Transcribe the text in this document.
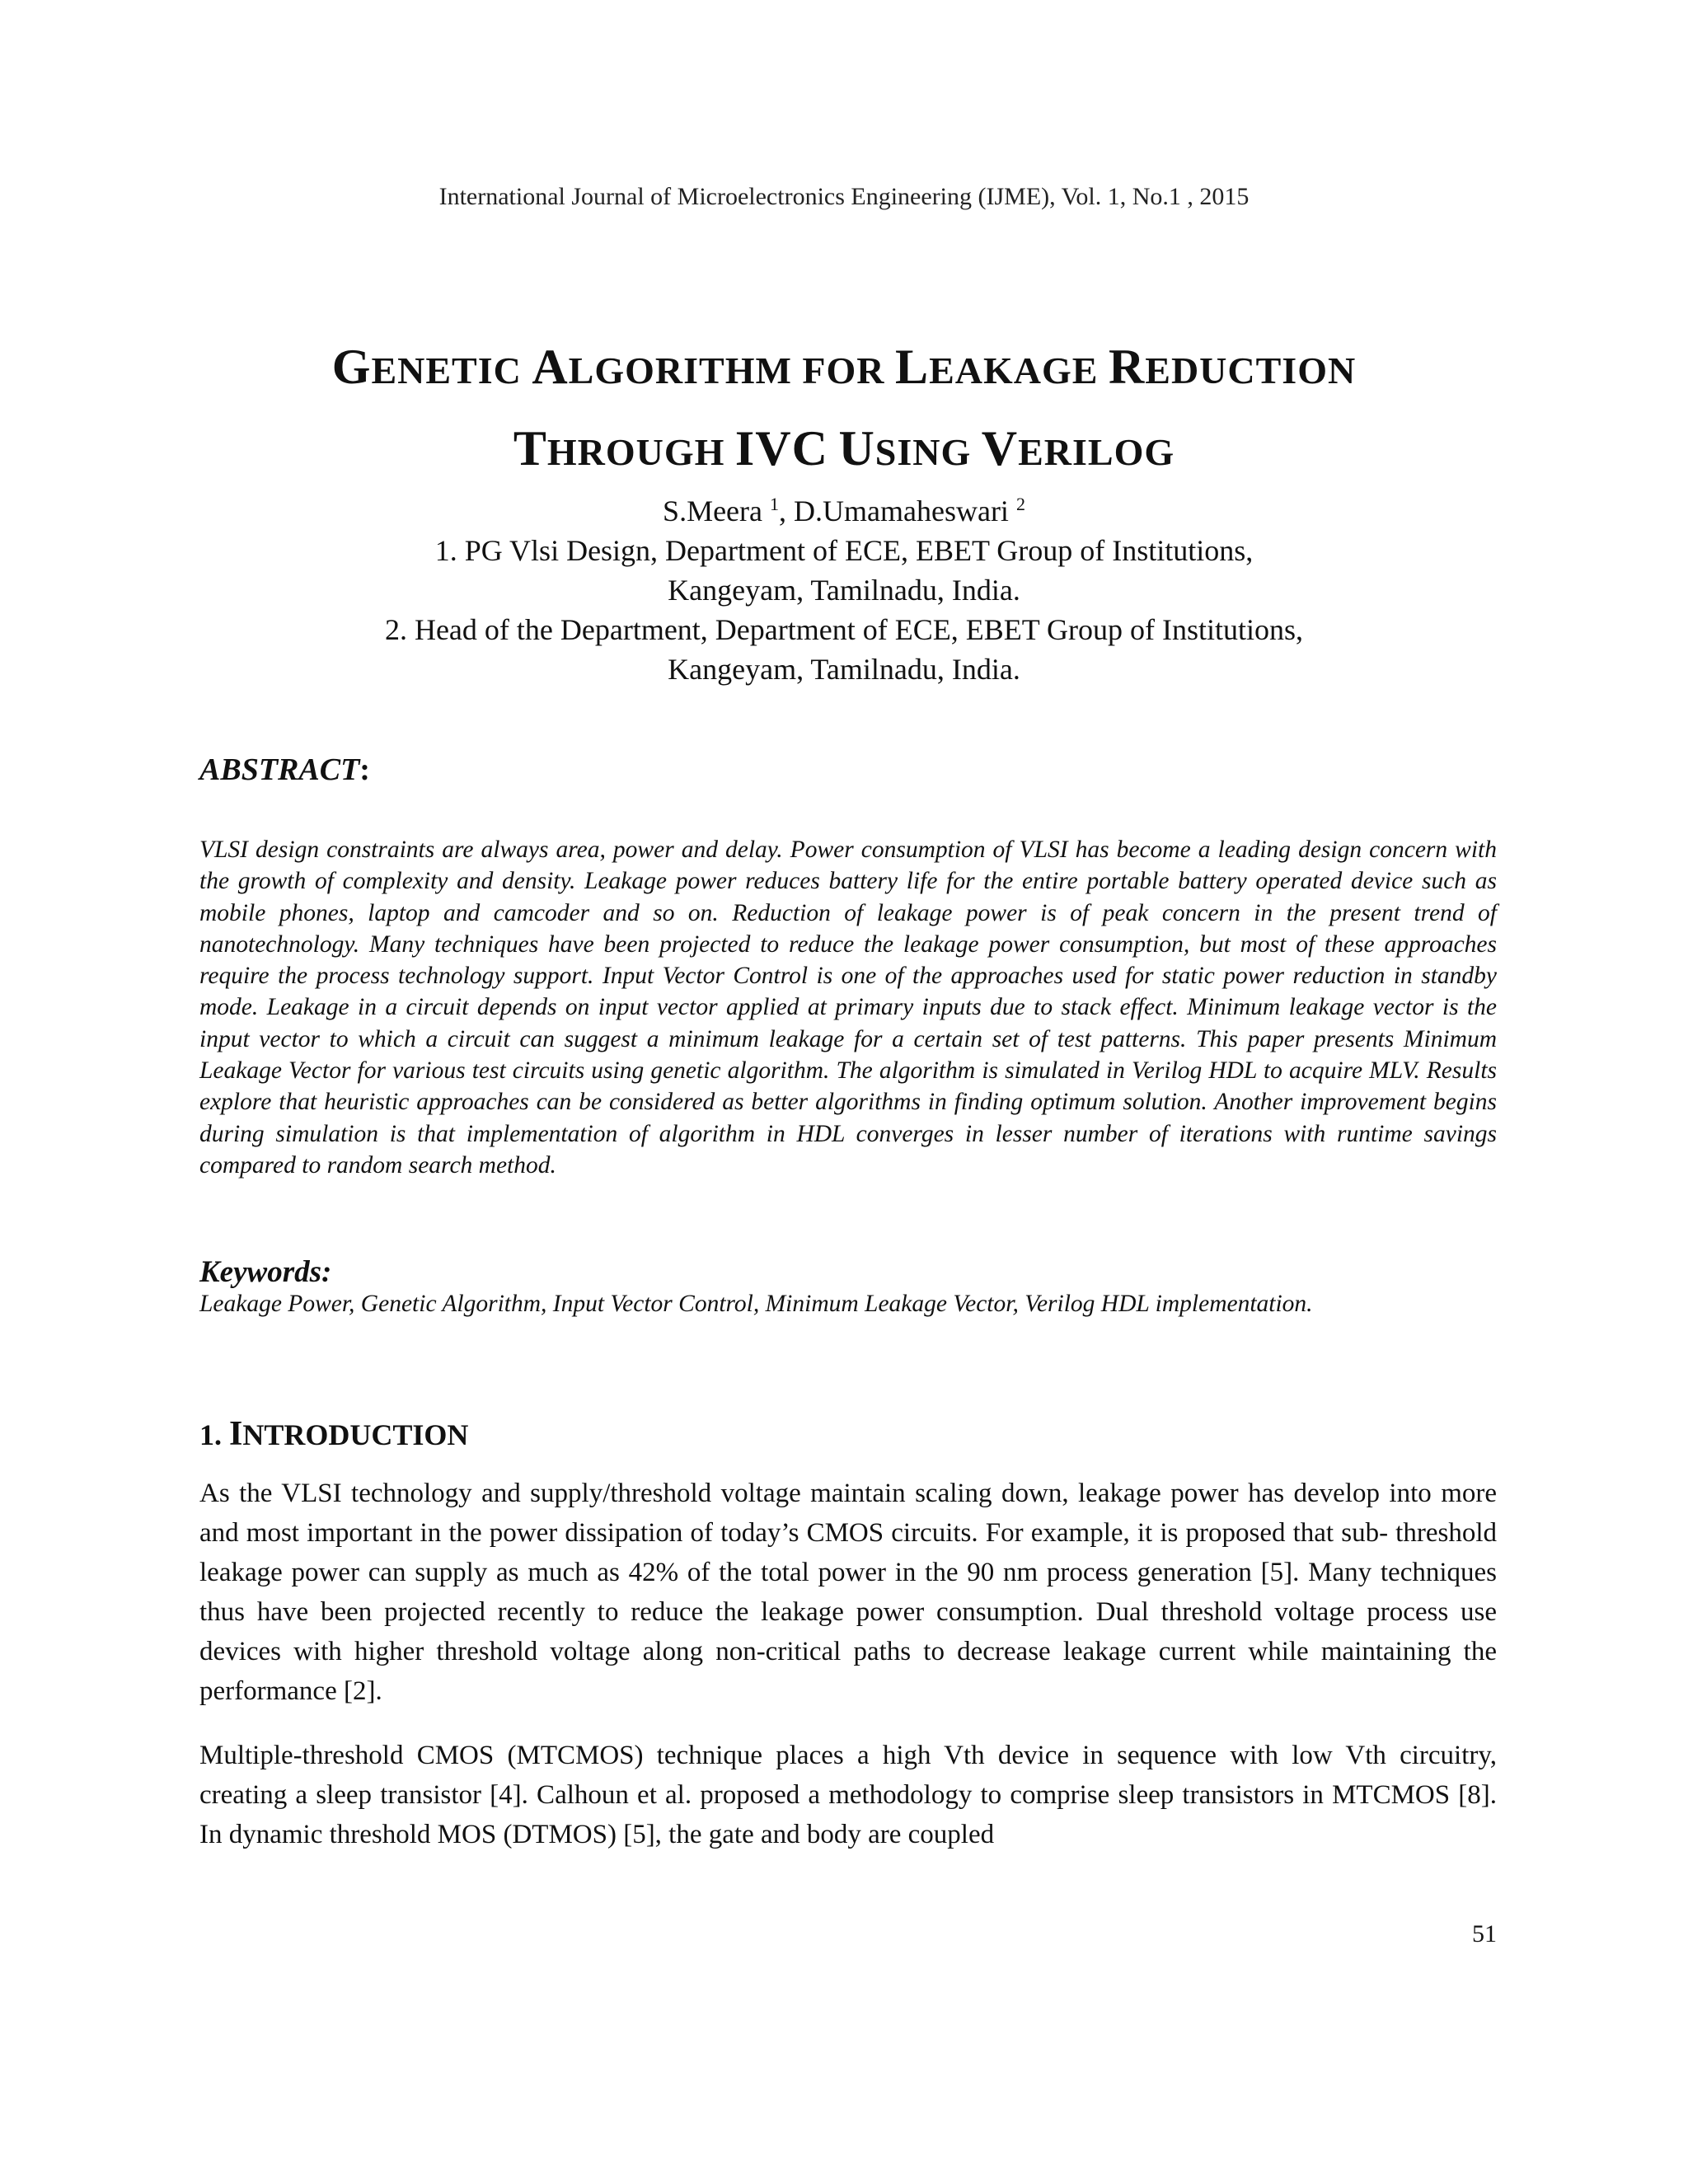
International Journal of Microelectronics Engineering (IJME), Vol. 1, No.1 , 2015
GENETIC ALGORITHM FOR LEAKAGE REDUCTION
THROUGH IVC USING VERILOG
S.Meera $^1$, D.Umamaheswari $^2$
1. PG Vlsi Design, Department of ECE, EBET Group of Institutions,
Kangeyam, Tamilnadu, India.
2. Head of the Department, Department of ECE, EBET Group of Institutions,
Kangeyam, Tamilnadu, India.
ABSTRACT:
VLSI design constraints are always area, power and delay. Power consumption of VLSI has become a leading design concern with the growth of complexity and density. Leakage power reduces battery life for the entire portable battery operated device such as mobile phones, laptop and camcoder and so on. Reduction of leakage power is of peak concern in the present trend of nanotechnology. Many techniques have been projected to reduce the leakage power consumption, but most of these approaches require the process technology support. Input Vector Control is one of the approaches used for static power reduction in standby mode. Leakage in a circuit depends on input vector applied at primary inputs due to stack effect. Minimum leakage vector is the input vector to which a circuit can suggest a minimum leakage for a certain set of test patterns. This paper presents Minimum Leakage Vector for various test circuits using genetic algorithm. The algorithm is simulated in Verilog HDL to acquire MLV. Results explore that heuristic approaches can be considered as better algorithms in finding optimum solution. Another improvement begins during simulation is that implementation of algorithm in HDL converges in lesser number of iterations with runtime savings compared to random search method.
Keywords:
Leakage Power, Genetic Algorithm, Input Vector Control, Minimum Leakage Vector, Verilog HDL implementation.
1. INTRODUCTION
As the VLSI technology and supply/threshold voltage maintain scaling down, leakage power has develop into more and most important in the power dissipation of today’s CMOS circuits. For example, it is proposed that sub- threshold leakage power can supply as much as 42% of the total power in the 90 nm process generation [5]. Many techniques thus have been projected recently to reduce the leakage power consumption. Dual threshold voltage process use devices with higher threshold voltage along non-critical paths to decrease leakage current while maintaining the performance [2].
Multiple-threshold CMOS (MTCMOS) technique places a high Vth device in sequence with low Vth circuitry, creating a sleep transistor [4]. Calhoun et al. proposed a methodology to comprise sleep transistors in MTCMOS [8]. In dynamic threshold MOS (DTMOS) [5], the gate and body are coupled
51
